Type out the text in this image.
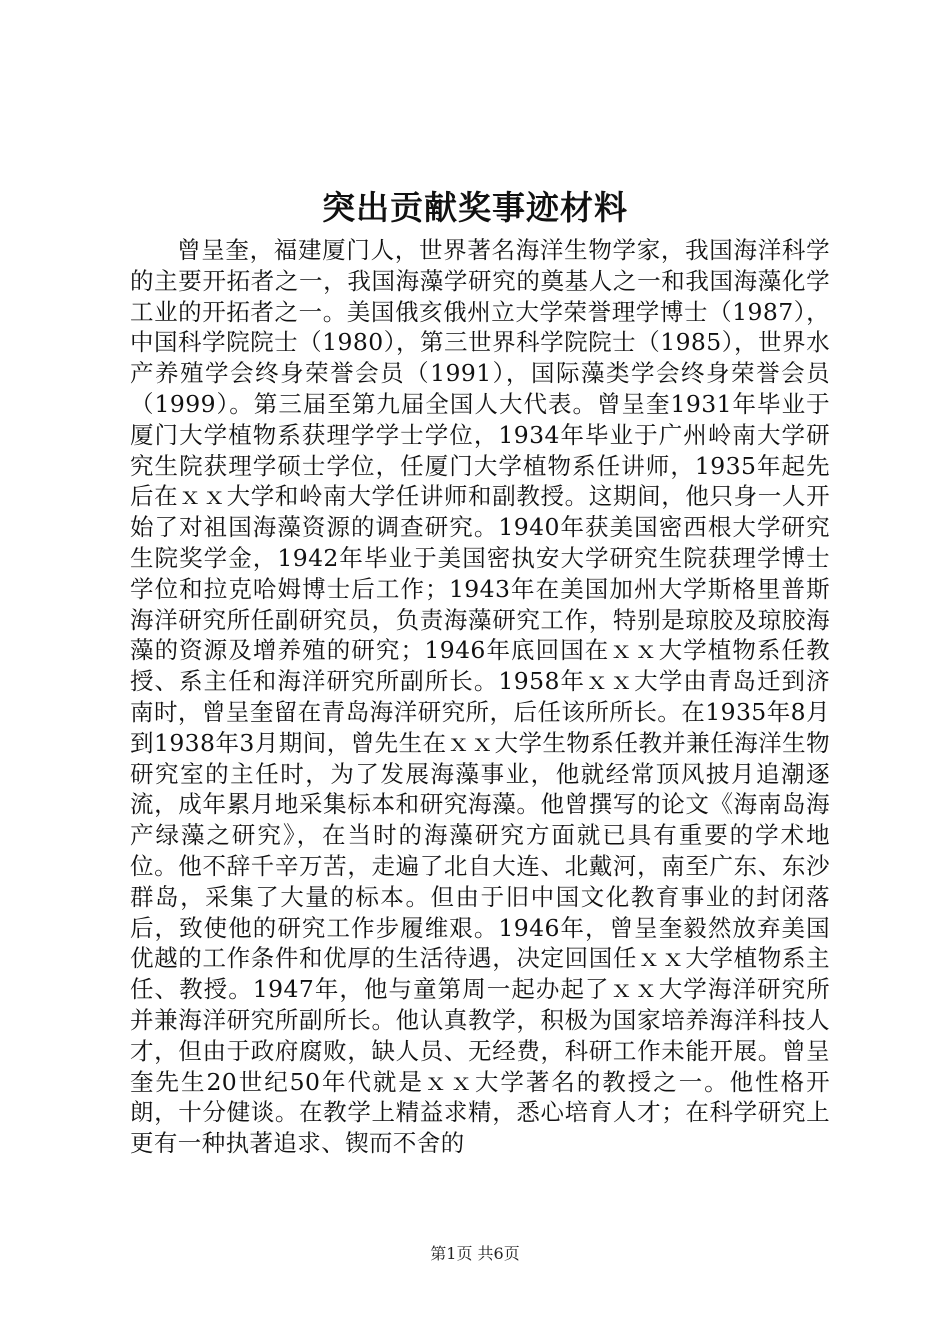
突出贡献奖事迹材料

曾呈奎，福建厦门人，世界著名海洋生物学家，我国海洋科学的主要开拓者之一，我国海藻学研究的奠基人之一和我国海藻化学工业的开拓者之一。美国俄亥俄州立大学荣誉理学博士（1987），中国科学院院士（1980），第三世界科学院院士（1985），世界水产养殖学会终身荣誉会员（1991），国际藻类学会终身荣誉会员（1999）。第三届至第九届全国人大代表。曾呈奎1931年毕业于厦门大学植物系获理学学士学位，1934年毕业于广州岭南大学研究生院获理学硕士学位，任厦门大学植物系任讲师，1935年起先后在ｘｘ大学和岭南大学任讲师和副教授。这期间，他只身一人开始了对祖国海藻资源的调查研究。1940年获美国密西根大学研究生院奖学金，1942年毕业于美国密执安大学研究生院获理学博士学位和拉克哈姆博士后工作；1943年在美国加州大学斯格里普斯海洋研究所任副研究员，负责海藻研究工作，特别是琼胶及琼胶海藻的资源及增养殖的研究；1946年底回国在ｘｘ大学植物系任教授、系主任和海洋研究所副所长。1958年ｘｘ大学由青岛迁到济南时，曾呈奎留在青岛海洋研究所，后任该所所长。在1935年8月到1938年3月期间，曾先生在ｘｘ大学生物系任教并兼任海洋生物研究室的主任时，为了发展海藻事业，他就经常顶风披月追潮逐流，成年累月地采集标本和研究海藻。他曾撰写的论文《海南岛海产绿藻之研究》，在当时的海藻研究方面就已具有重要的学术地位。他不辞千辛万苦，走遍了北自大连、北戴河，南至广东、东沙群岛，采集了大量的标本。但由于旧中国文化教育事业的封闭落后，致使他的研究工作步履维艰。1946年，曾呈奎毅然放弃美国优越的工作条件和优厚的生活待遇，决定回国任ｘｘ大学植物系主任、教授。1947年，他与童第周一起办起了ｘｘ大学海洋研究所并兼海洋研究所副所长。他认真教学，积极为国家培养海洋科技人才，但由于政府腐败，缺人员、无经费，科研工作未能开展。曾呈奎先生20世纪50年代就是ｘｘ大学著名的教授之一。他性格开朗，十分健谈。在教学上精益求精，悉心培育人才；在科学研究上更有一种执著追求、锲而不舍的

第1页 共6页
